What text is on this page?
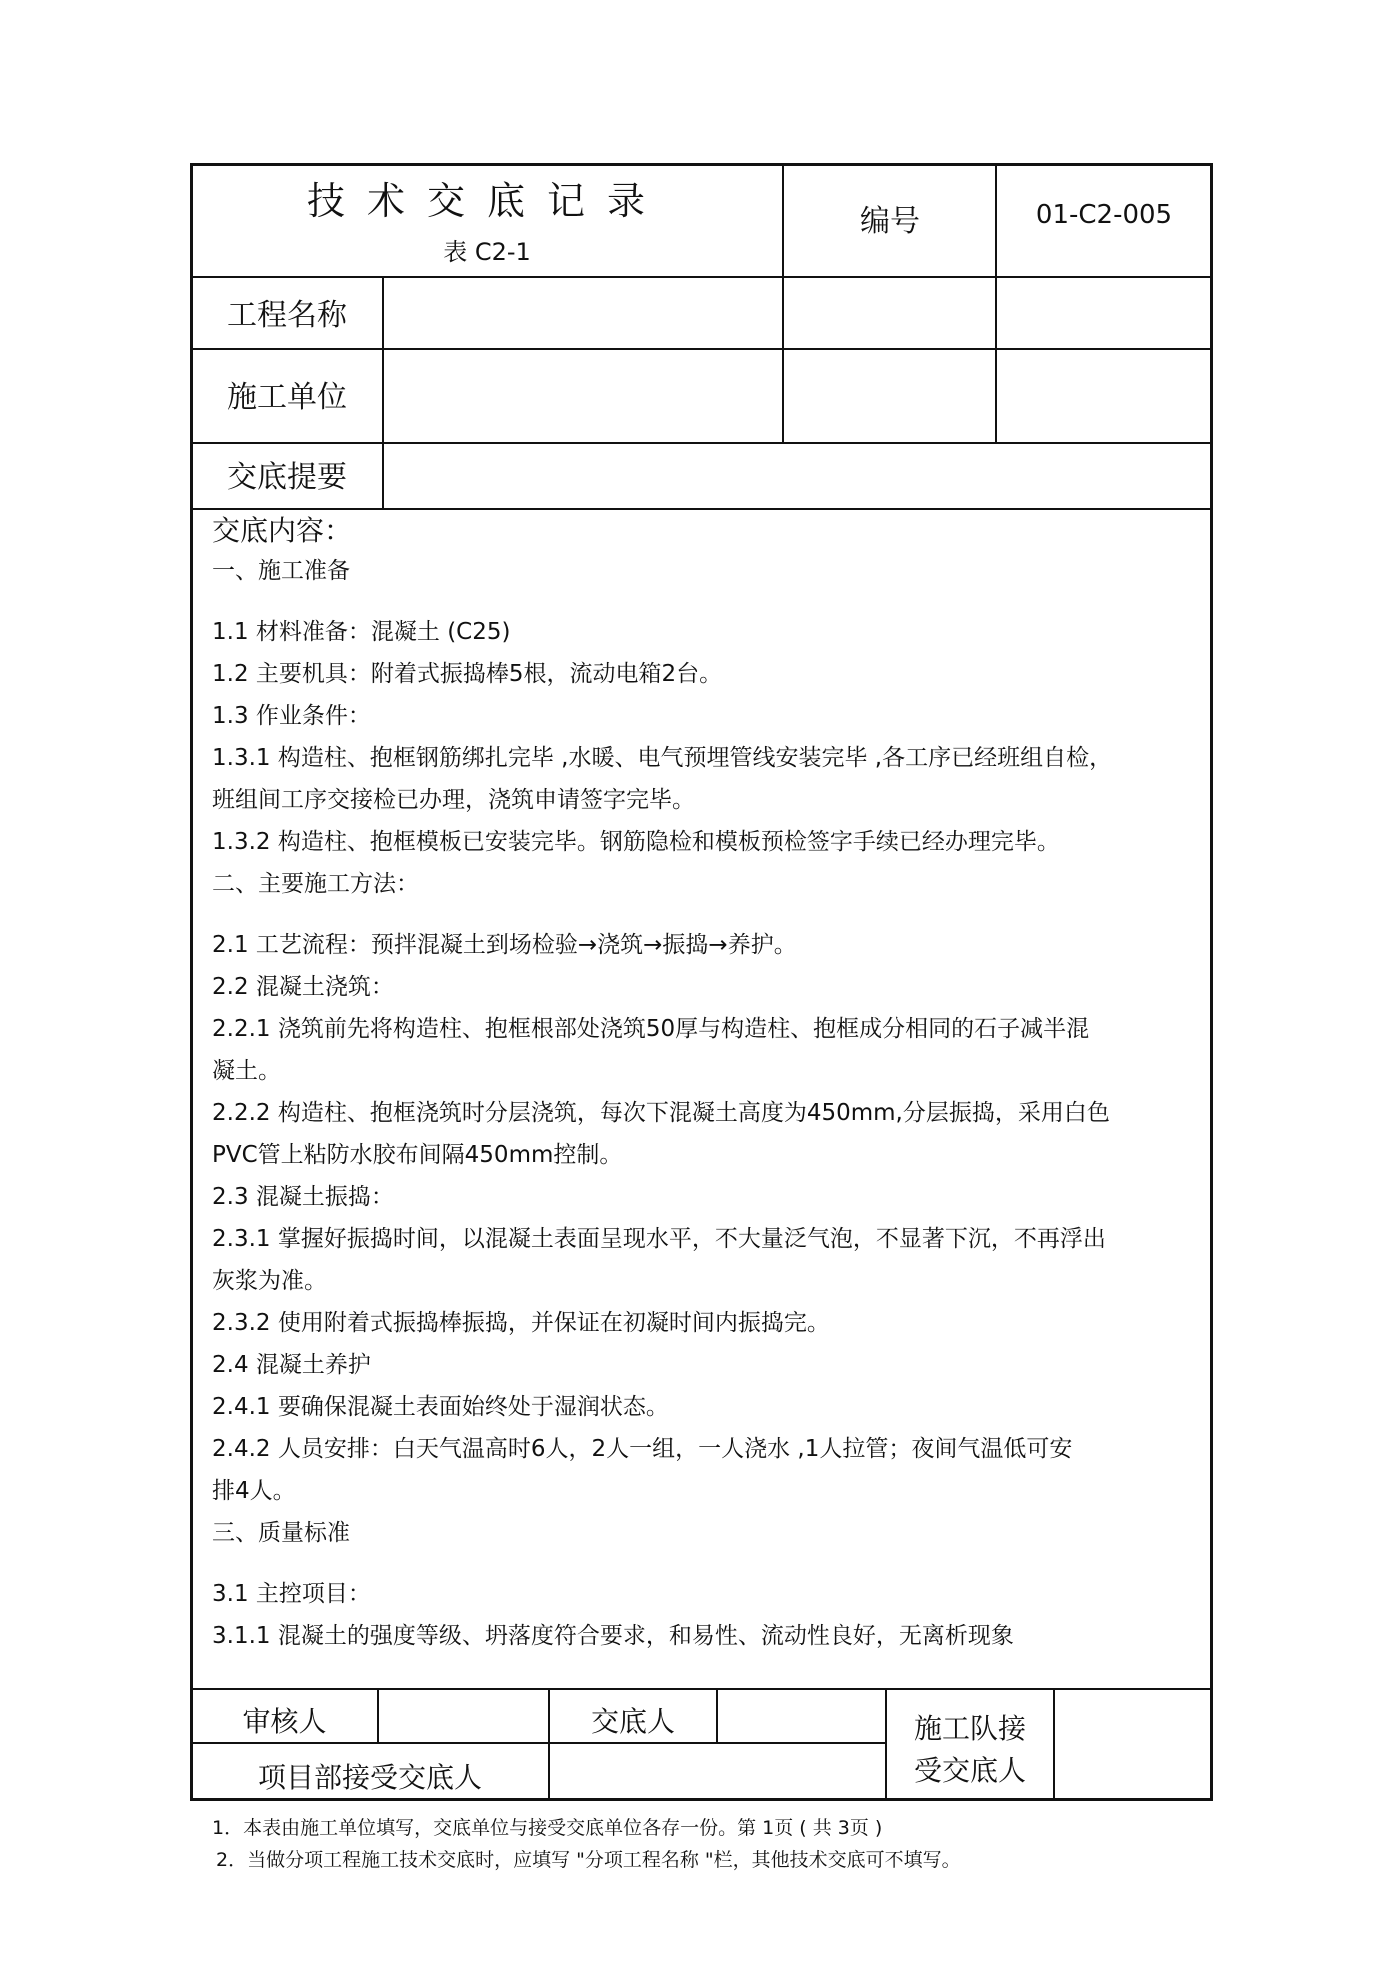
技术交底记录
表 C2-1
编号	01-C2-005
工程名称
施工单位
交底提要
交底内容：
一、施工准备
1.1 材料准备：混凝土 (C25)
1.2 主要机具：附着式振捣棒5根，流动电箱2台。
1.3 作业条件：
1.3.1 构造柱、抱框钢筋绑扎完毕 ,水暖、电气预埋管线安装完毕 ,各工序已经班组自检，
班组间工序交接检已办理，浇筑申请签字完毕。
1.3.2 构造柱、抱框模板已安装完毕。钢筋隐检和模板预检签字手续已经办理完毕。
二、主要施工方法：
2.1 工艺流程：预拌混凝土到场检验→浇筑→振捣→养护。
2.2 混凝土浇筑：
2.2.1 浇筑前先将构造柱、抱框根部处浇筑50厚与构造柱、抱框成分相同的石子减半混
凝土。
2.2.2 构造柱、抱框浇筑时分层浇筑，每次下混凝土高度为450mm,分层振捣，采用白色
PVC管上粘防水胶布间隔450mm控制。
2.3 混凝土振捣：
2.3.1 掌握好振捣时间，以混凝土表面呈现水平，不大量泛气泡，不显著下沉，不再浮出
灰浆为准。
2.3.2 使用附着式振捣棒振捣，并保证在初凝时间内振捣完。
2.4 混凝土养护
2.4.1 要确保混凝土表面始终处于湿润状态。
2.4.2 人员安排：白天气温高时6人，2人一组，一人浇水 ,1人拉管；夜间气温低可安
排4人。
三、质量标准
3.1 主控项目：
3.1.1 混凝土的强度等级、坍落度符合要求，和易性、流动性良好，无离析现象
审核人	交底人	施工队接
受交底人
项目部接受交底人
1．本表由施工单位填写，交底单位与接受交底单位各存一份。第 1页 ( 共 3页 )
2．当做分项工程施工技术交底时，应填写 "分项工程名称 "栏，其他技术交底可不填写。
